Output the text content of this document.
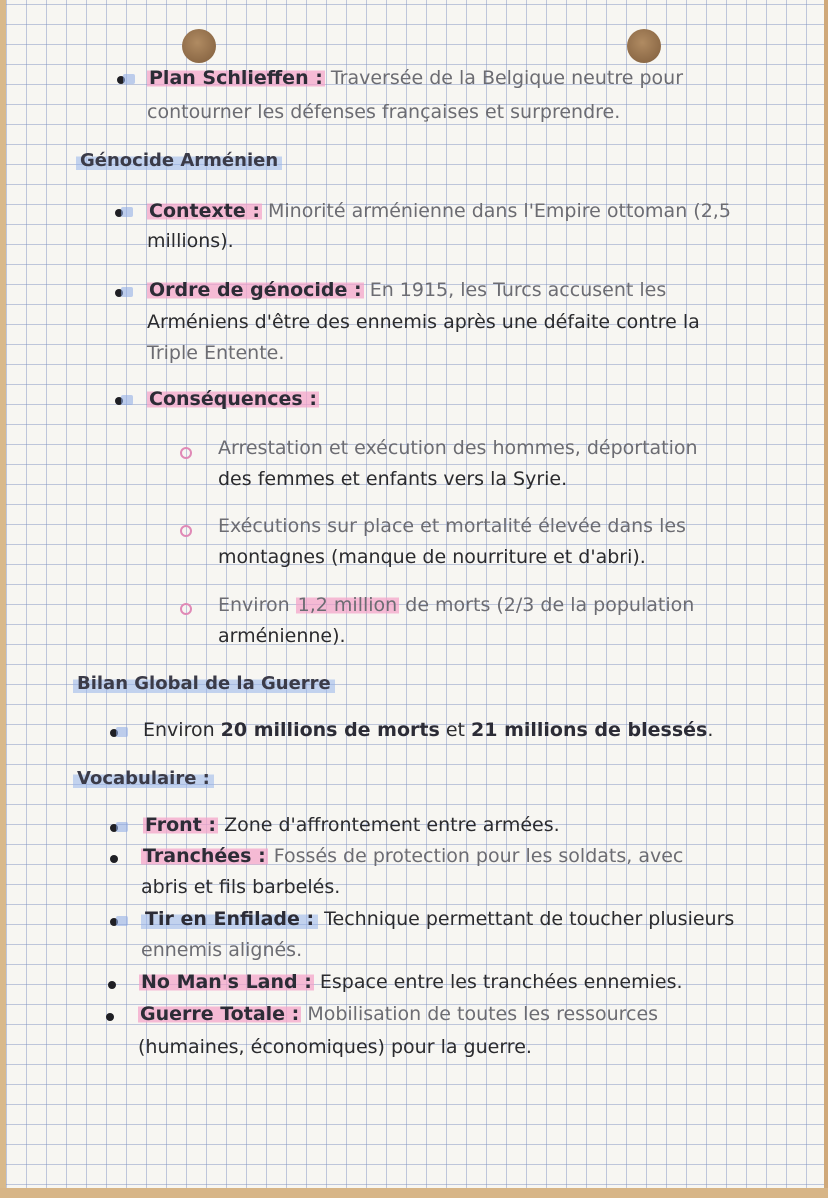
Plan Schlieffen : Traversée de la Belgique neutre pour
contourner les défenses françaises et surprendre.
Génocide Arménien
Contexte : Minorité arménienne dans l'Empire ottoman (2,5
millions).
Ordre de génocide : En 1915, les Turcs accusent les
Arméniens d'être des ennemis après une défaite contre la
Triple Entente.
Conséquences :
Arrestation et exécution des hommes, déportation
des femmes et enfants vers la Syrie.
Exécutions sur place et mortalité élevée dans les
montagnes (manque de nourriture et d'abri).
Environ 1,2 million de morts (2/3 de la population
arménienne).
Bilan Global de la Guerre
Environ 20 millions de morts et 21 millions de blessés.
Vocabulaire :
Front : Zone d'affrontement entre armées.
Tranchées : Fossés de protection pour les soldats, avec
abris et fils barbelés.
Tir en Enfilade : Technique permettant de toucher plusieurs
ennemis alignés.
No Man's Land : Espace entre les tranchées ennemies.
Guerre Totale : Mobilisation de toutes les ressources
(humaines, économiques) pour la guerre.
